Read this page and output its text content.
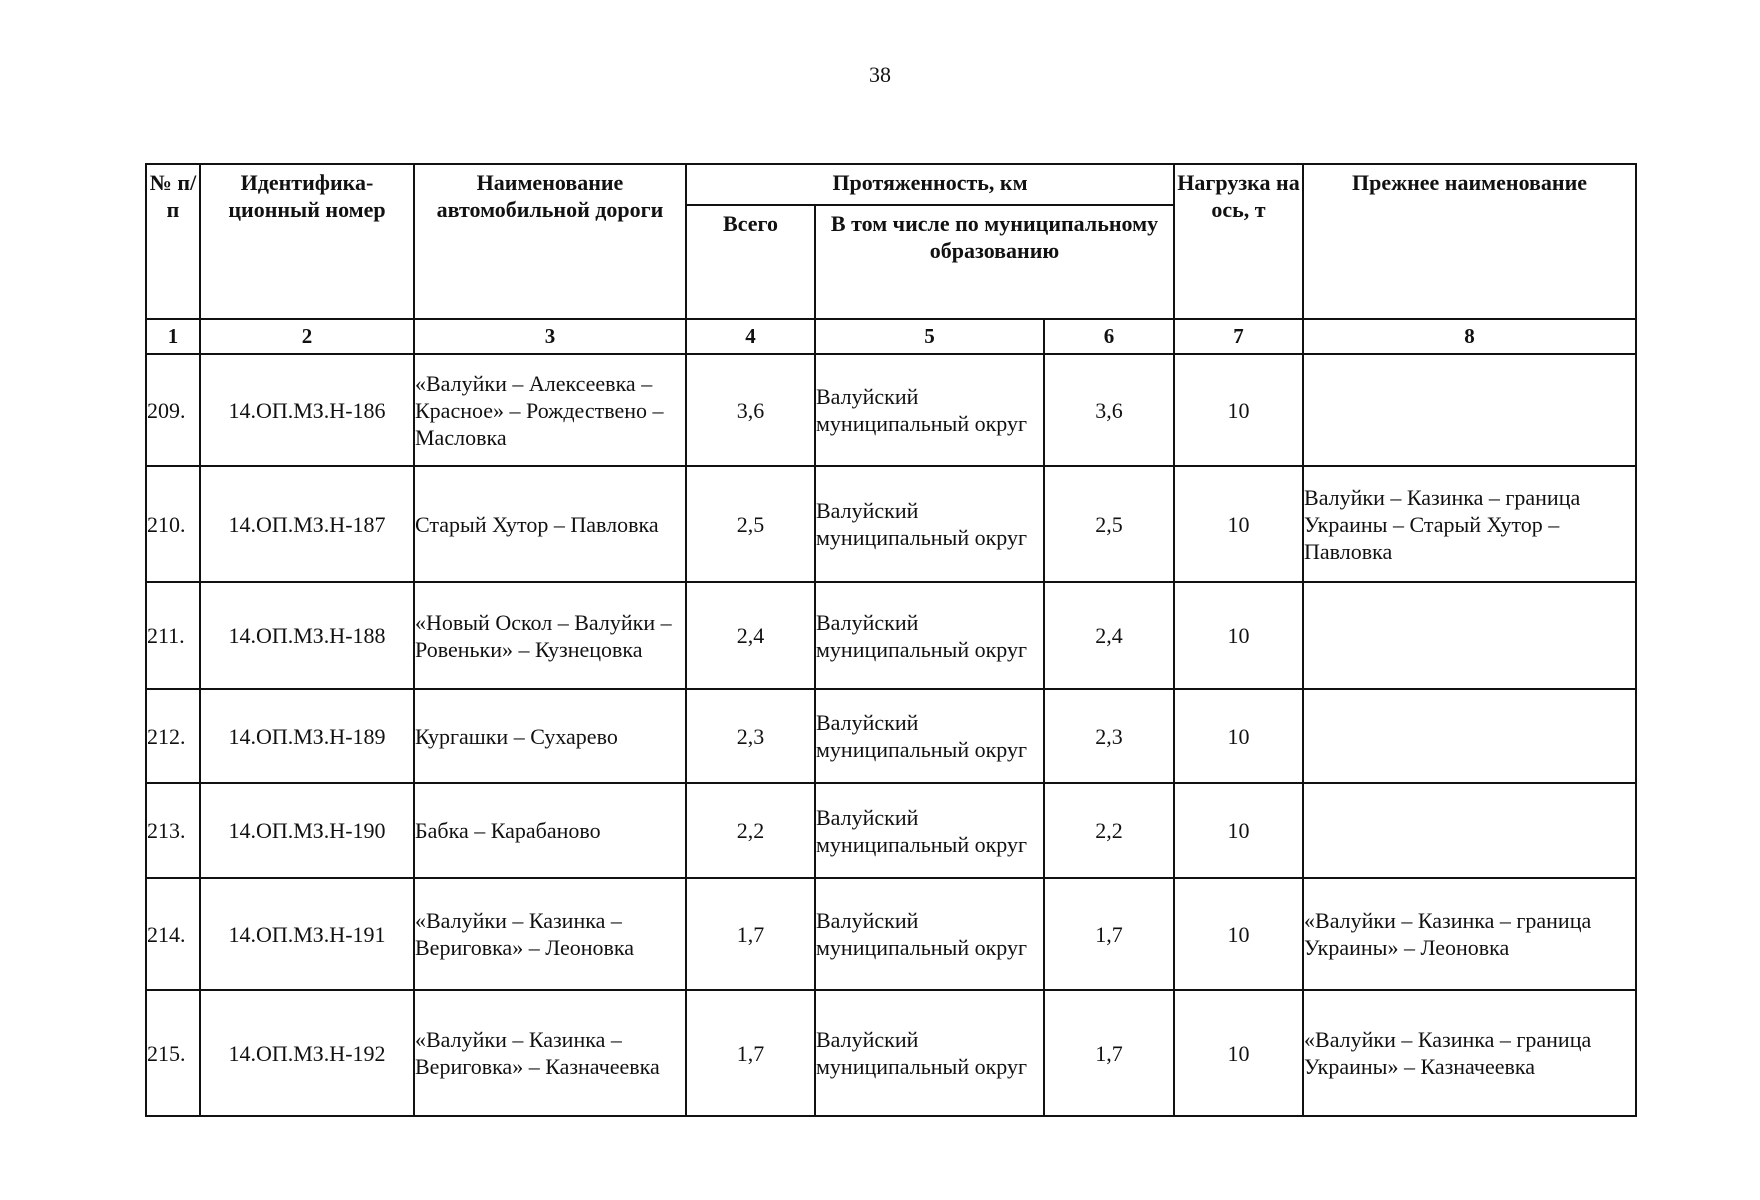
38
№ п/п	Идентифика-ционный номер	Наименование автомобильной дороги	Протяженность, км			Нагрузка на ось, т	Прежнее наименование
			Всего	В том числе по муниципальному образованию			
1	2	3	4	5	6	7	8
209.	14.ОП.МЗ.Н-186	«Валуйки – Алексеевка – Красное» – Рождествено – Масловка	3,6	Валуйский муниципальный округ	3,6	10	
210.	14.ОП.МЗ.Н-187	Старый Хутор – Павловка	2,5	Валуйский муниципальный округ	2,5	10	Валуйки – Казинка – граница Украины – Старый Хутор – Павловка
211.	14.ОП.МЗ.Н-188	«Новый Оскол – Валуйки – Ровеньки» – Кузнецовка	2,4	Валуйский муниципальный округ	2,4	10	
212.	14.ОП.МЗ.Н-189	Кургашки – Сухарево	2,3	Валуйский муниципальный округ	2,3	10	
213.	14.ОП.МЗ.Н-190	Бабка – Карабаново	2,2	Валуйский муниципальный округ	2,2	10	
214.	14.ОП.МЗ.Н-191	«Валуйки – Казинка – Вериговка» – Леоновка	1,7	Валуйский муниципальный округ	1,7	10	«Валуйки – Казинка – граница Украины» – Леоновка
215.	14.ОП.МЗ.Н-192	«Валуйки – Казинка – Вериговка» – Казначеевка	1,7	Валуйский муниципальный округ	1,7	10	«Валуйки – Казинка – граница Украины» – Казначеевка
